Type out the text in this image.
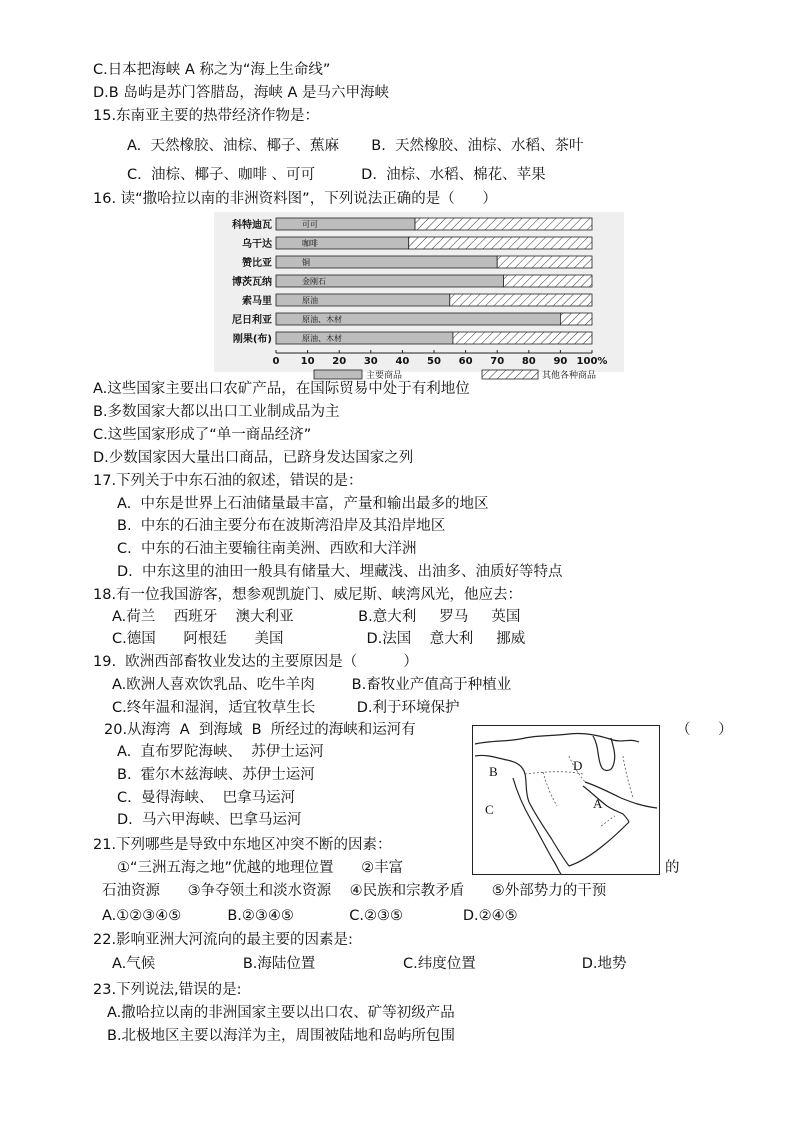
C.日本把海峡 A 称之为“海上生命线”
D.B 岛屿是苏门答腊岛，海峡 A 是马六甲海峡
15.东南亚主要的热带经济作物是：
A.  天然橡胶、油棕、椰子、蕉麻       B.  天然橡胶、油棕、水稻、茶叶
C.  油棕、椰子、咖啡 、可可          D.  油棕、水稻、棉花、苹果
16. 读“撒哈拉以南的非洲资料图”，下列说法正确的是（      ）
科特迪瓦	可可
乌干达	咖啡
赞比亚	铜
博茨瓦纳	金刚石
索马里	原油
尼日利亚	原油、木材
刚果(布)	原油、木材
0 10 20 30 40 50 60 70 80 90 100%
主要商品	其他各种商品
A.这些国家主要出口农矿产品，在国际贸易中处于有利地位
B.多数国家大都以出口工业制成品为主
C.这些国家形成了“单一商品经济”
D.少数国家因大量出口商品，已跻身发达国家之列
17.下列关于中东石油的叙述，错误的是：
A.  中东是世界上石油储量最丰富，产量和输出最多的地区
B.  中东的石油主要分布在波斯湾沿岸及其沿岸地区
C.  中东的石油主要输往南美洲、西欧和大洋洲
D.  中东这里的油田一般具有储量大、埋藏浅、出油多、油质好等特点
18.有一位我国游客，想参观凯旋门、威尼斯、峡湾风光，他应去：
A.荷兰    西班牙    澳大利亚              B.意大利     罗马     英国
C.德国      阿根廷      美国                  D.法国    意大利     挪威
19.  欧洲西部畜牧业发达的主要原因是（          ）
A.欧洲人喜欢饮乳品、吃牛羊肉        B.畜牧业产值高于种植业
C.终年温和湿润，适宜牧草生长         D.利于环境保护
20.从海湾  A  到海域  B  所经过的海峡和运河有	（      ）
A.  直布罗陀海峡、  苏伊士运河
B.  霍尔木兹海峡、苏伊士运河
C.  曼得海峡、  巴拿马运河
D.  马六甲海峡、巴拿马运河
B	D
A
C
21.下列哪些是导致中东地区冲突不断的因素：
①“三洲五海之地”优越的地理位置      ②丰富	的
石油资源      ③争夺领土和淡水资源    ④民族和宗教矛盾      ⑤外部势力的干预
A.①②③④⑤          B.②③④⑤            C.②③⑤             D.②④⑤
22.影响亚洲大河流向的最主要的因素是:
A.气候                   B.海陆位置                   C.纬度位置                       D.地势
23.下列说法,错误的是:
A.撒哈拉以南的非洲国家主要以出口农、矿等初级产品
B.北极地区主要以海洋为主，周围被陆地和岛屿所包围
